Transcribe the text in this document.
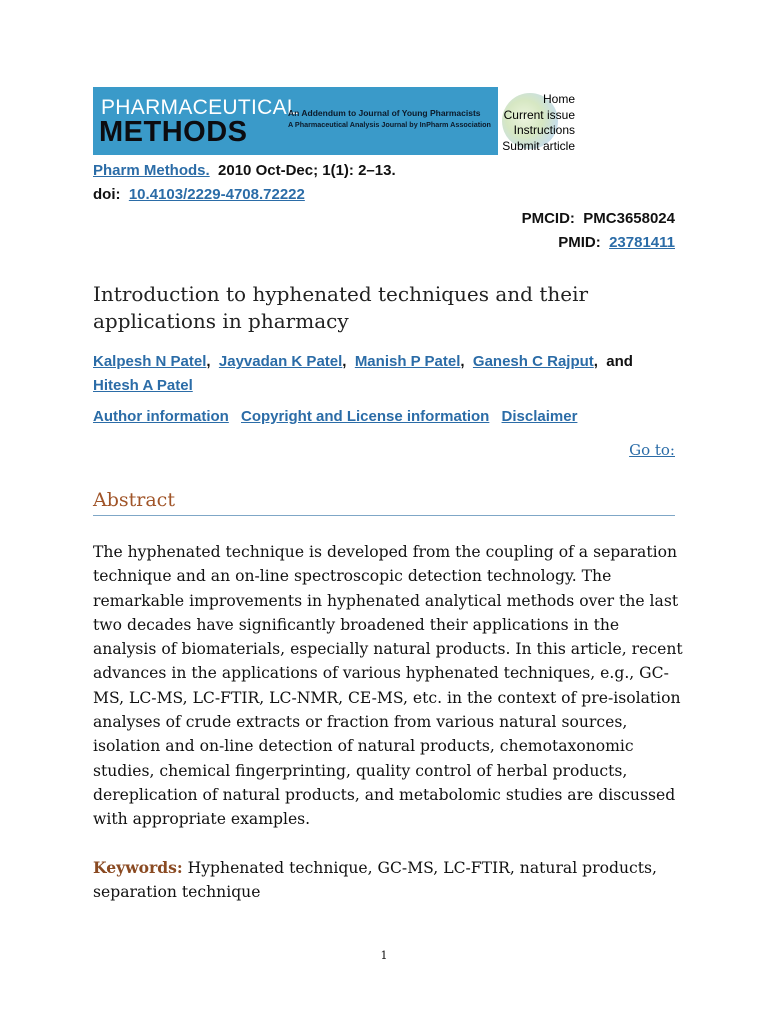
PHARMACEUTICAL
METHODS
An Addendum to Journal of Young Pharmacists
A Pharmaceutical Analysis Journal by InPharm Association
Home
Current issue
Instructions
Submit article
Pharm Methods. 2010 Oct-Dec; 1(1): 2–13.
doi: 10.4103/2229-4708.72222
PMCID: PMC3658024
PMID: 23781411
Introduction to hyphenated techniques and their applications in pharmacy
Kalpesh N Patel,  Jayvadan K Patel,  Manish P Patel,  Ganesh C Rajput,  and  Hitesh A Patel
Author information Copyright and License information Disclaimer
Go to:
Abstract
The hyphenated technique is developed from the coupling of a separation technique and an on-line spectroscopic detection technology. The remarkable improvements in hyphenated analytical methods over the last two decades have significantly broadened their applications in the analysis of biomaterials, especially natural products. In this article, recent advances in the applications of various hyphenated techniques, e.g., GC-MS, LC-MS, LC-FTIR, LC-NMR, CE-MS, etc. in the context of pre-isolation analyses of crude extracts or fraction from various natural sources, isolation and on-line detection of natural products, chemotaxonomic studies, chemical fingerprinting, quality control of herbal products, dereplication of natural products, and metabolomic studies are discussed with appropriate examples.
Keywords: Hyphenated technique, GC-MS, LC-FTIR, natural products, separation technique
1
